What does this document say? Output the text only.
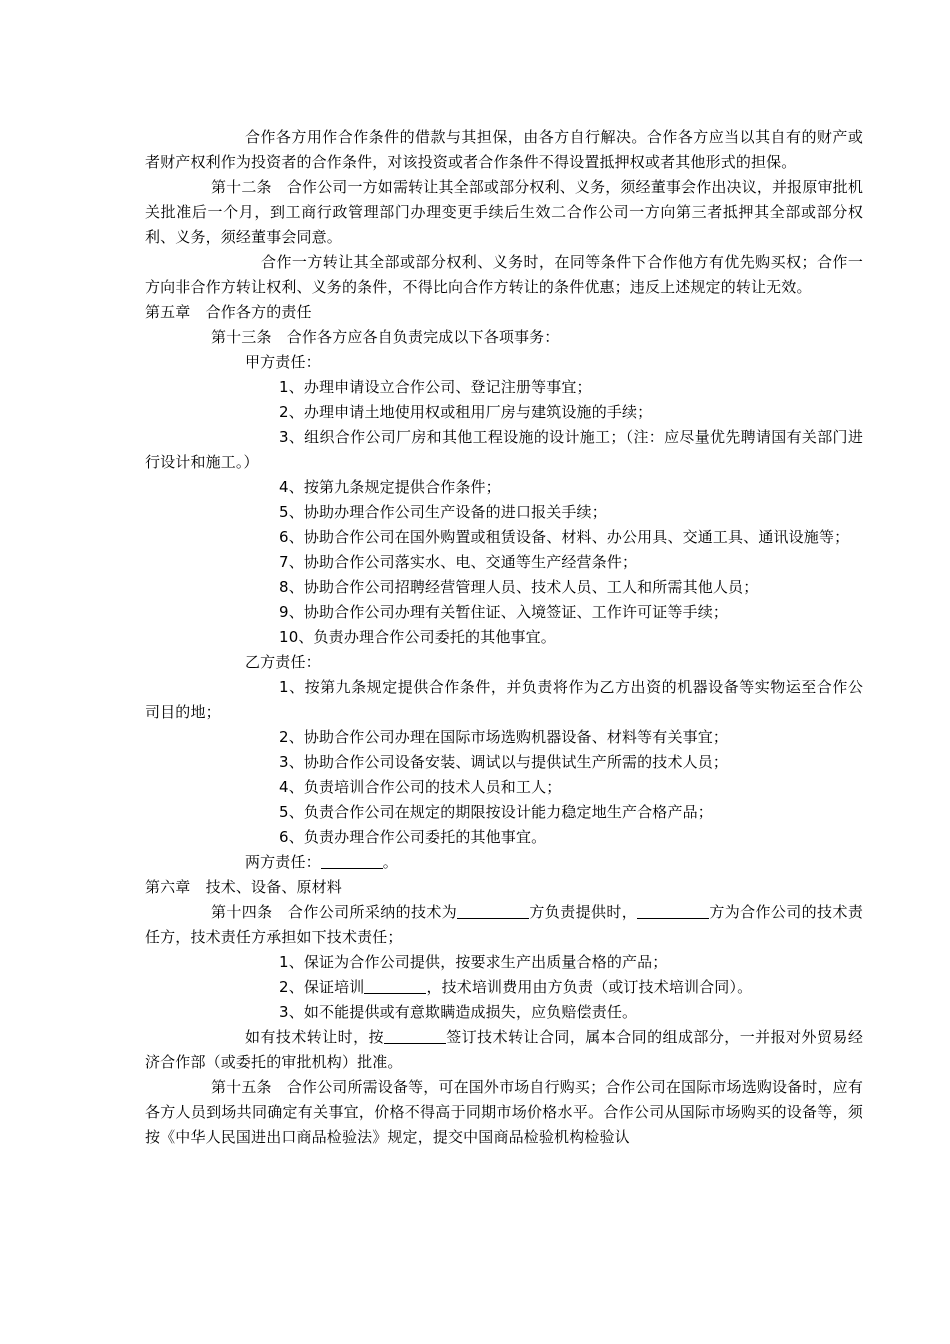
合作各方用作合作条件的借款与其担保，由各方自行解决。合作各方应当以其自有的财产或者财产权利作为投资者的合作条件，对该投资或者合作条件不得设置抵押权或者其他形式的担保。

第十二条　合作公司一方如需转让其全部或部分权利、义务，须经董事会作出决议，并报原审批机关批准后一个月，到工商行政管理部门办理变更手续后生效二合作公司一方向第三者抵押其全部或部分权利、义务，须经董事会同意。

合作一方转让其全部或部分权利、义务时，在同等条件下合作他方有优先购买权；合作一方向非合作方转让权利、义务的条件，不得比向合作方转让的条件优惠；违反上述规定的转让无效。

第五章　合作各方的责任

第十三条　合作各方应各自负责完成以下各项事务：

甲方责任：

1、办理申请设立合作公司、登记注册等事宜；

2、办理申请土地使用权或租用厂房与建筑设施的手续；

3、组织合作公司厂房和其他工程设施的设计施工；（注：应尽量优先聘请国有关部门进行设计和施工。）

4、按第九条规定提供合作条件；

5、协助办理合作公司生产设备的进口报关手续；

6、协助合作公司在国外购置或租赁设备、材料、办公用具、交通工具、通讯设施等；

7、协助合作公司落实水、电、交通等生产经营条件；

8、协助合作公司招聘经营管理人员、技术人员、工人和所需其他人员；

9、协助合作公司办理有关暂住证、入境签证、工作许可证等手续；

10、负责办理合作公司委托的其他事宜。

乙方责任：

1、按第九条规定提供合作条件，并负责将作为乙方出资的机器设备等实物运至合作公司目的地；

2、协助合作公司办理在国际市场选购机器设备、材料等有关事宜；

3、协助合作公司设备安装、调试以与提供试生产所需的技术人员；

4、负责培训合作公司的技术人员和工人；

5、负责合作公司在规定的期限按设计能力稳定地生产合格产品；

6、负责办理合作公司委托的其他事宜。

两方责任：	。

第六章　技术、设备、原材料

第十四条　合作公司所采纳的技术为	方负责提供时，	方为合作公司的技术责任方，技术责任方承担如下技术责任；

1、保证为合作公司提供，按要求生产出质量合格的产品；

2、保证培训	，技术培训费用由方负责（或订技术培训合同）。

3、如不能提供或有意欺瞒造成损失，应负赔偿责任。

如有技术转让时，按	签订技术转让合同，属本合同的组成部分，一并报对外贸易经济合作部（或委托的审批机构）批准。

第十五条　合作公司所需设备等，可在国外市场自行购买；合作公司在国际市场选购设备时，应有各方人员到场共同确定有关事宜，价格不得高于同期市场价格水平。合作公司从国际市场购买的设备等，须按《中华人民国进出口商品检验法》规定，提交中国商品检验机构检验认
